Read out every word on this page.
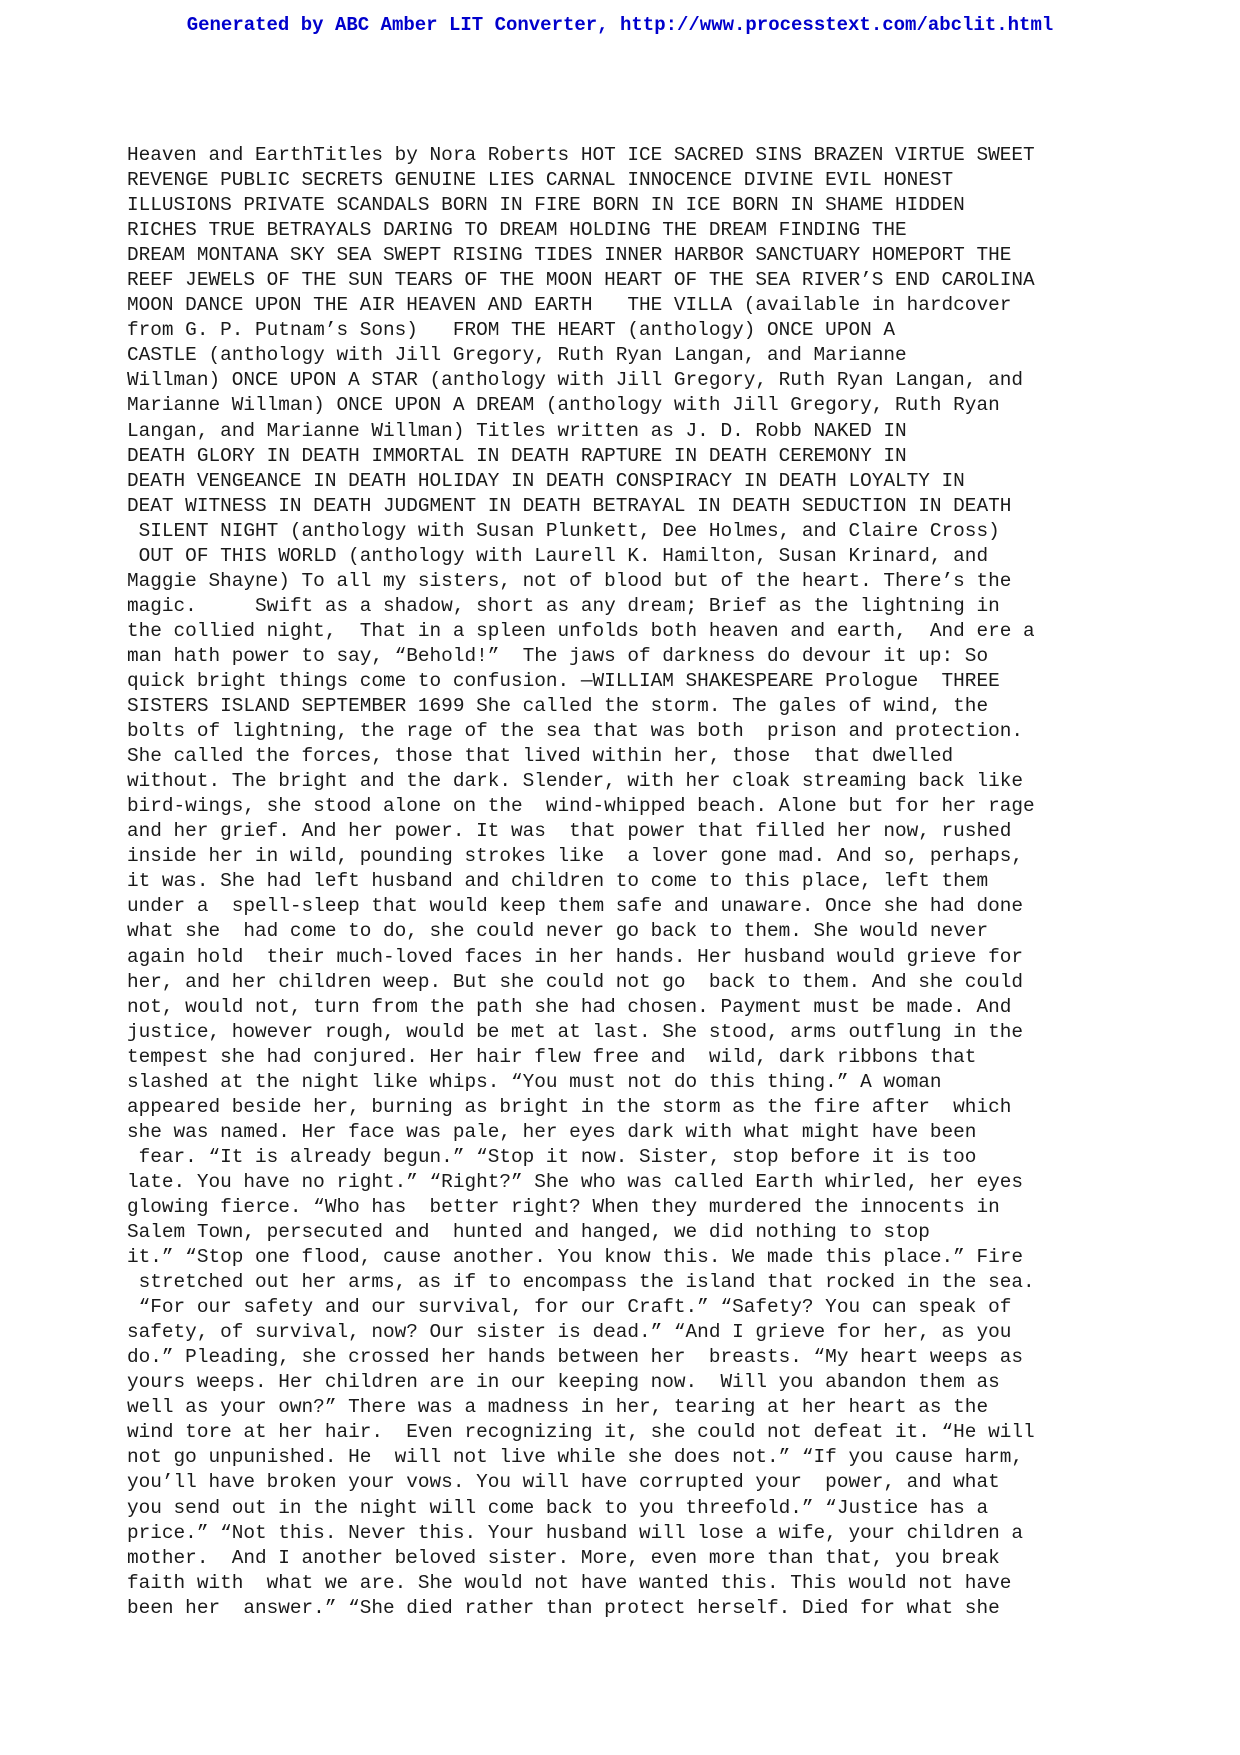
Generated by ABC Amber LIT Converter, http://www.processtext.com/abclit.html
Heaven and EarthTitles by Nora Roberts HOT ICE SACRED SINS BRAZEN VIRTUE SWEET
REVENGE PUBLIC SECRETS GENUINE LIES CARNAL INNOCENCE DIVINE EVIL HONEST
ILLUSIONS PRIVATE SCANDALS BORN IN FIRE BORN IN ICE BORN IN SHAME HIDDEN
RICHES TRUE BETRAYALS DARING TO DREAM HOLDING THE DREAM FINDING THE
DREAM MONTANA SKY SEA SWEPT RISING TIDES INNER HARBOR SANCTUARY HOMEPORT THE
REEF JEWELS OF THE SUN TEARS OF THE MOON HEART OF THE SEA RIVER’S END CAROLINA
MOON DANCE UPON THE AIR HEAVEN AND EARTH   THE VILLA (available in hardcover
from G. P. Putnam’s Sons)   FROM THE HEART (anthology) ONCE UPON A
CASTLE (anthology with Jill Gregory, Ruth Ryan Langan, and Marianne
Willman) ONCE UPON A STAR (anthology with Jill Gregory, Ruth Ryan Langan, and
Marianne Willman) ONCE UPON A DREAM (anthology with Jill Gregory, Ruth Ryan
Langan, and Marianne Willman) Titles written as J. D. Robb NAKED IN
DEATH GLORY IN DEATH IMMORTAL IN DEATH RAPTURE IN DEATH CEREMONY IN
DEATH VENGEANCE IN DEATH HOLIDAY IN DEATH CONSPIRACY IN DEATH LOYALTY IN
DEAT WITNESS IN DEATH JUDGMENT IN DEATH BETRAYAL IN DEATH SEDUCTION IN DEATH
SILENT NIGHT (anthology with Susan Plunkett, Dee Holmes, and Claire Cross)
OUT OF THIS WORLD (anthology with Laurell K. Hamilton, Susan Krinard, and
Maggie Shayne) To all my sisters, not of blood but of the heart. There’s the
magic.     Swift as a shadow, short as any dream; Brief as the lightning in
the collied night,  That in a spleen unfolds both heaven and earth,  And ere a
man hath power to say, “Behold!”  The jaws of darkness do devour it up: So
quick bright things come to confusion. —WILLIAM SHAKESPEARE Prologue  THREE
SISTERS ISLAND SEPTEMBER 1699 She called the storm. The gales of wind, the
bolts of lightning, the rage of the sea that was both  prison and protection.
She called the forces, those that lived within her, those  that dwelled
without. The bright and the dark. Slender, with her cloak streaming back like
bird-wings, she stood alone on the  wind-whipped beach. Alone but for her rage
and her grief. And her power. It was  that power that filled her now, rushed
inside her in wild, pounding strokes like  a lover gone mad. And so, perhaps,
it was. She had left husband and children to come to this place, left them
under a  spell-sleep that would keep them safe and unaware. Once she had done
what she  had come to do, she could never go back to them. She would never
again hold  their much-loved faces in her hands. Her husband would grieve for
her, and her children weep. But she could not go  back to them. And she could
not, would not, turn from the path she had chosen. Payment must be made. And
justice, however rough, would be met at last. She stood, arms outflung in the
tempest she had conjured. Her hair flew free and  wild, dark ribbons that
slashed at the night like whips. “You must not do this thing.” A woman
appeared beside her, burning as bright in the storm as the fire after  which
she was named. Her face was pale, her eyes dark with what might have been
fear. “It is already begun.” “Stop it now. Sister, stop before it is too
late. You have no right.” “Right?” She who was called Earth whirled, her eyes
glowing fierce. “Who has  better right? When they murdered the innocents in
Salem Town, persecuted and  hunted and hanged, we did nothing to stop
it.” “Stop one flood, cause another. You know this. We made this place.” Fire
stretched out her arms, as if to encompass the island that rocked in the sea.
“For our safety and our survival, for our Craft.” “Safety? You can speak of
safety, of survival, now? Our sister is dead.” “And I grieve for her, as you
do.” Pleading, she crossed her hands between her  breasts. “My heart weeps as
yours weeps. Her children are in our keeping now.  Will you abandon them as
well as your own?” There was a madness in her, tearing at her heart as the
wind tore at her hair.  Even recognizing it, she could not defeat it. “He will
not go unpunished. He  will not live while she does not.” “If you cause harm,
you’ll have broken your vows. You will have corrupted your  power, and what
you send out in the night will come back to you threefold.” “Justice has a
price.” “Not this. Never this. Your husband will lose a wife, your children a
mother.  And I another beloved sister. More, even more than that, you break
faith with  what we are. She would not have wanted this. This would not have
been her  answer.” “She died rather than protect herself. Died for what she
